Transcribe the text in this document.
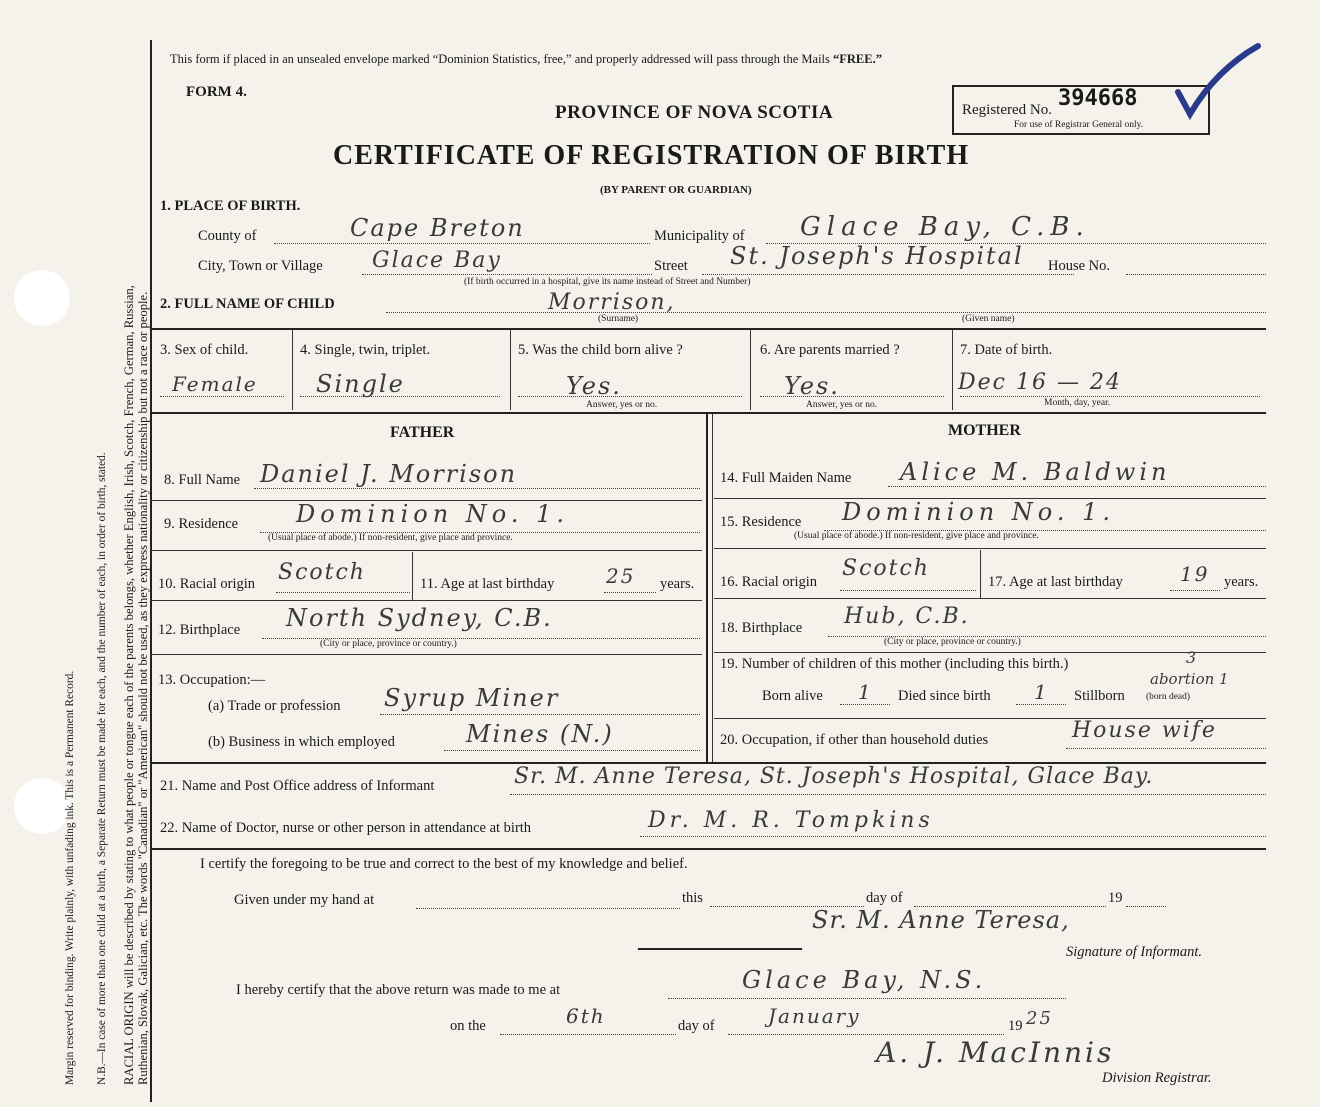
Margin reserved for binding. Write plainly, with unfading ink. This is a Permanent Record. N.B.—In case of more than one child at a birth, a Separate Return must be made for each, and the number of each, in order of birth, stated. RACIAL ORIGIN will be described by stating to what people or tongue each of the parents belongs, whether English, Irish, Scotch, French, German, Russian, Ruthenian, Slovak, Galician, etc. The words "Canadian" or "American" should not be used, as they express nationality or citizenship but not a race or people.
This form if placed in an unsealed envelope marked “Dominion Statistics, free,” and properly addressed will pass through the Mails “FREE.”
FORM 4.
PROVINCE OF NOVA SCOTIA
CERTIFICATE OF REGISTRATION OF BIRTH
(BY PARENT OR GUARDIAN)
Registered No. 394668
For use of Registrar General only.
1. PLACE OF BIRTH.
County of	Cape Breton	Municipality of Glace Bay, C.B.
City, Town or Village Glace Bay	Street St. Joseph's Hospital House No.
(If birth occurred in a hospital, give its name instead of Street and Number)
2. FULL NAME OF CHILD	Morrison,
(Surname)	(Given name)
3. Sex of child.
Female
4. Single, twin, triplet.
Single
5. Was the child born alive ?
Yes.
Answer, yes or no.
6. Are parents married ?
Yes.
Answer, yes or no.
7. Date of birth.
Dec 16 — 24
Month, day, year.
FATHER	MOTHER
8. Full Name Daniel J. Morrison
9. Residence Dominion No. 1.
(Usual place of abode.) If non-resident, give place and province.
10. Racial origin Scotch	11. Age at last birthday	25 years.
12. Birthplace North Sydney, C.B.
(City or place, province or country.)
13. Occupation:—
(a) Trade or profession Syrup Miner
(b) Business in which employed	Mines (N.)
14. Full Maiden Name Alice M. Baldwin
15. Residence Dominion No. 1.
(Usual place of abode.) If non-resident, give place and province.
16. Racial origin
Scotch
17. Age at last birthday	19 years.
18. Birthplace Hub, C.B.
(City or place, province or country.)
19. Number of children of this mother (including this birth.)	3
Born alive 1 Died since birth 1 Stillborn (born dead)
abortion 1
20. Occupation, if other than household duties	House wife
21. Name and Post Office address of Informant	Sr. M. Anne Teresa, St. Joseph's Hospital, Glace Bay.
22. Name of Doctor, nurse or other person in attendance at birth	Dr. M. R. Tompkins
I certify the foregoing to be true and correct to the best of my knowledge and belief.
Given under my hand at	this	day of	19
Sr. M. Anne Teresa,
Signature of Informant.
I hereby certify that the above return was made to me at	Glace Bay, N.S.
on the	6th	day of	January	19 25
A. J. MacInnis
Division Registrar.
